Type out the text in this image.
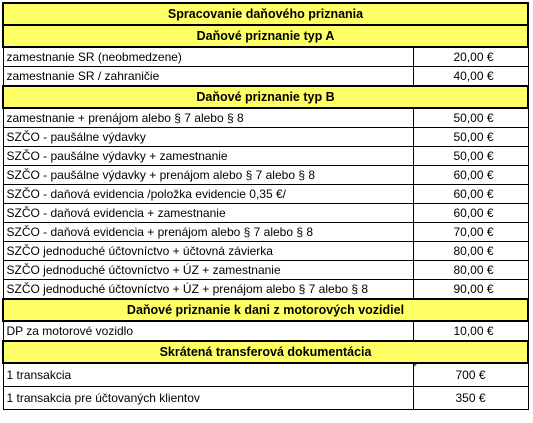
Spracovanie daňového priznania	
Daňové priznanie typ A	
zamestnanie SR (neobmedzene)	20,00 €
zamestnanie SR / zahraničie	40,00 €
Daňové priznanie typ B	
zamestnanie + prenájom alebo § 7 alebo § 8	50,00 €
SZČO - paušálne výdavky	50,00 €
SZČO - paušálne výdavky + zamestnanie	50,00 €
SZČO - paušálne výdavky + prenájom alebo § 7 alebo § 8	60,00 €
SZČO - daňová evidencia /položka evidencie 0,35 €/	60,00 €
SZČO - daňová evidencia + zamestnanie	60,00 €
SZČO - daňová evidencia + prenájom alebo § 7 alebo § 8	70,00 €
SZČO jednoduché účtovníctvo + účtovná závierka	80,00 €
SZČO jednoduché účtovníctvo + ÚZ + zamestnanie	80,00 €
SZČO jednoduché účtovníctvo + ÚZ + prenájom alebo § 7 alebo § 8	90,00 €
Daňové priznanie k dani z motorových vozidiel	
DP za motorové vozidlo	10,00 €
Skrátená transferová dokumentácia	
1 transakcia	700 €
1 transakcia pre účtovaných klientov	350 €
